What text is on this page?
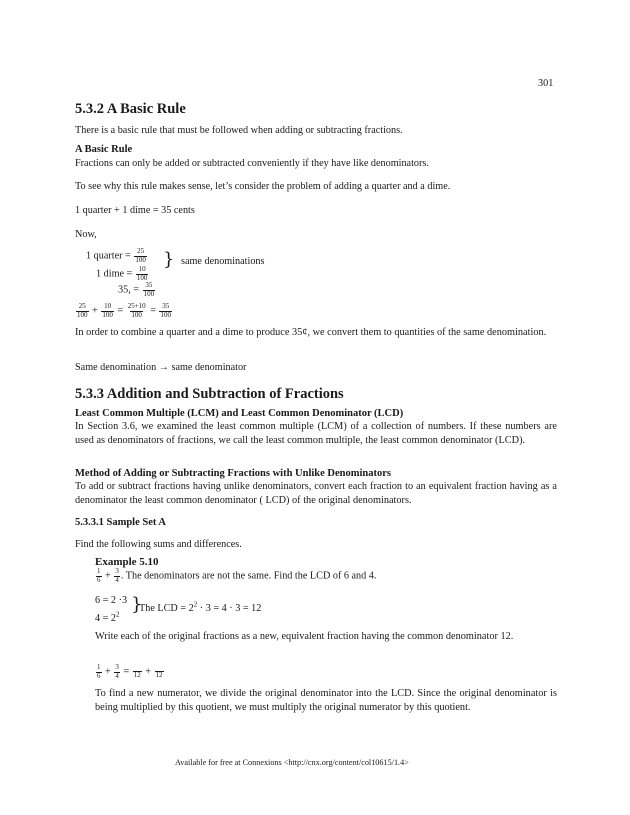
301
5.3.2 A Basic Rule
There is a basic rule that must be followed when adding or subtracting fractions.
A Basic Rule
Fractions can only be added or subtracted conveniently if they have like denominators.
To see why this rule makes sense, let’s consider the problem of adding a quarter and a dime.
1 quarter + 1 dime = 35 cents
Now,
1 quarter = $\frac{25}{100}$
1 dime = $\frac{10}{100}$
35, = $\frac{35}{100}$
} same denominations
$\frac{25}{100} + \frac{10}{100} = \frac{25+10}{100} = \frac{35}{100}$
In order to combine a quarter and a dime to produce 35¢, we convert them to quantities of the same denomination.
Same denomination → same denominator
5.3.3 Addition and Subtraction of Fractions
Least Common Multiple (LCM) and Least Common Denominator (LCD)
In Section 3.6, we examined the least common multiple (LCM) of a collection of numbers. If these numbers are used as denominators of fractions, we call the least common multiple, the least common denominator (LCD).
Method of Adding or Subtracting Fractions with Unlike Denominators
To add or subtract fractions having unlike denominators, convert each fraction to an equivalent fraction having as a denominator the least common denominator ( LCD) of the original denominators.
5.3.3.1 Sample Set A
Find the following sums and differences.
Example 5.10
$\frac{1}{6} + \frac{3}{4}$ . The denominators are not the same. Find the LCD of 6 and 4.
6 = 2 ·3
$4 = 2^2$ }
The LCD = $2^2 \cdot 3 = 4 \cdot 3 = 12$
Write each of the original fractions as a new, equivalent fraction having the common denominator 12.
$\frac{1}{6} + \frac{3}{4} = 12 + 12$
To find a new numerator, we divide the original denominator into the LCD. Since the original denominator is being multiplied by this quotient, we must multiply the original numerator by this quotient.
Available for free at Connexions <http://cnx.org/content/col10615/1.4>
